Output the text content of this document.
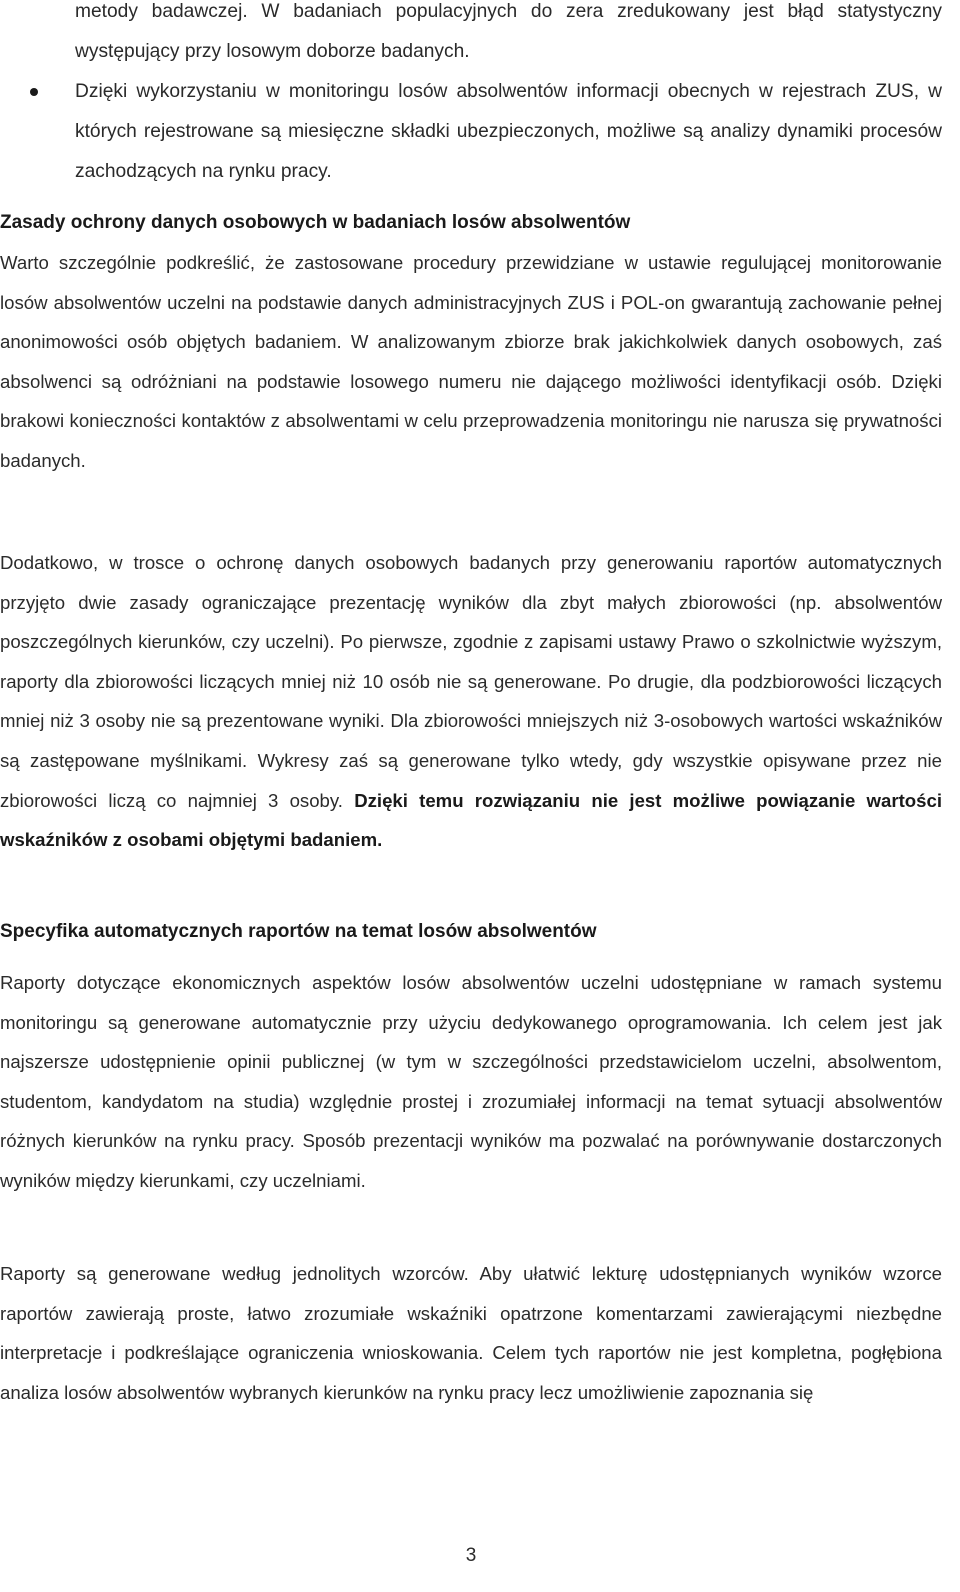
metody badawczej. W badaniach populacyjnych do zera zredukowany jest błąd statystyczny występujący przy losowym doborze badanych.

Dzięki wykorzystaniu w monitoringu losów absolwentów informacji obecnych w rejestrach ZUS, w których rejestrowane są miesięczne składki ubezpieczonych, możliwe są analizy dynamiki procesów zachodzących na rynku pracy.

Zasady ochrony danych osobowych w badaniach losów absolwentów

Warto szczególnie podkreślić, że zastosowane procedury przewidziane w ustawie regulującej monitorowanie losów absolwentów uczelni na podstawie danych administracyjnych ZUS i POL-on gwarantują zachowanie pełnej anonimowości osób objętych badaniem. W analizowanym zbiorze brak jakichkolwiek danych osobowych, zaś absolwenci są odróżniani na podstawie losowego numeru nie dającego możliwości identyfikacji osób. Dzięki brakowi konieczności kontaktów z absolwentami w celu przeprowadzenia monitoringu nie narusza się prywatności badanych.

Dodatkowo, w trosce o ochronę danych osobowych badanych przy generowaniu raportów automatycznych przyjęto dwie zasady ograniczające prezentację wyników dla zbyt małych zbiorowości (np. absolwentów poszczególnych kierunków, czy uczelni). Po pierwsze, zgodnie z zapisami ustawy Prawo o szkolnictwie wyższym, raporty dla zbiorowości liczących mniej niż 10 osób nie są generowane. Po drugie, dla podzbiorowości liczących mniej niż 3 osoby nie są prezentowane wyniki. Dla zbiorowości mniejszych niż 3-osobowych wartości wskaźników są zastępowane myślnikami. Wykresy zaś są generowane tylko wtedy, gdy wszystkie opisywane przez nie zbiorowości liczą co najmniej 3 osoby. Dzięki temu rozwiązaniu nie jest możliwe powiązanie wartości wskaźników z osobami objętymi badaniem.

Specyfika automatycznych raportów na temat losów absolwentów

Raporty dotyczące ekonomicznych aspektów losów absolwentów uczelni udostępniane w ramach systemu monitoringu są generowane automatycznie przy użyciu dedykowanego oprogramowania. Ich celem jest jak najszersze udostępnienie opinii publicznej (w tym w szczególności przedstawicielom uczelni, absolwentom, studentom, kandydatom na studia) względnie prostej i zrozumiałej informacji na temat sytuacji absolwentów różnych kierunków na rynku pracy. Sposób prezentacji wyników ma pozwalać na porównywanie dostarczonych wyników między kierunkami, czy uczelniami.

Raporty są generowane według jednolitych wzorców. Aby ułatwić lekturę udostępnianych wyników wzorce raportów zawierają proste, łatwo zrozumiałe wskaźniki opatrzone komentarzami zawierającymi niezbędne interpretacje i podkreślające ograniczenia wnioskowania. Celem tych raportów nie jest kompletna, pogłębiona analiza losów absolwentów wybranych kierunków na rynku pracy lecz umożliwienie zapoznania się

3
